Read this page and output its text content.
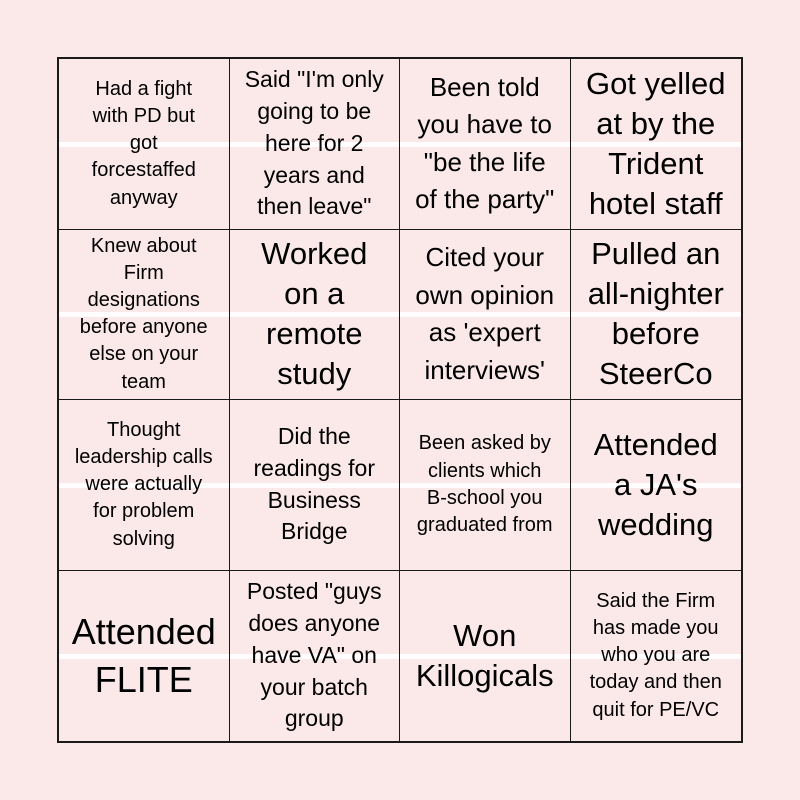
Had a fight
with PD but
got
forcestaffed
anyway
Said "I'm only
going to be
here for 2
years and
then leave"
Been told
you have to
"be the life
of the party"
Got yelled
at by the
Trident
hotel staff
Knew about
Firm
designations
before anyone
else on your
team
Worked
on a
remote
study
Cited your
own opinion
as 'expert
interviews'
Pulled an
all-nighter
before
SteerCo
Thought
leadership calls
were actually
for problem
solving
Did the
readings for
Business
Bridge
Been asked by
clients which
B-school you
graduated from
Attended
a JA's
wedding
Attended
FLITE
Posted "guys
does anyone
have VA" on
your batch
group
Won
Killogicals
Said the Firm
has made you
who you are
today and then
quit for PE/VC
